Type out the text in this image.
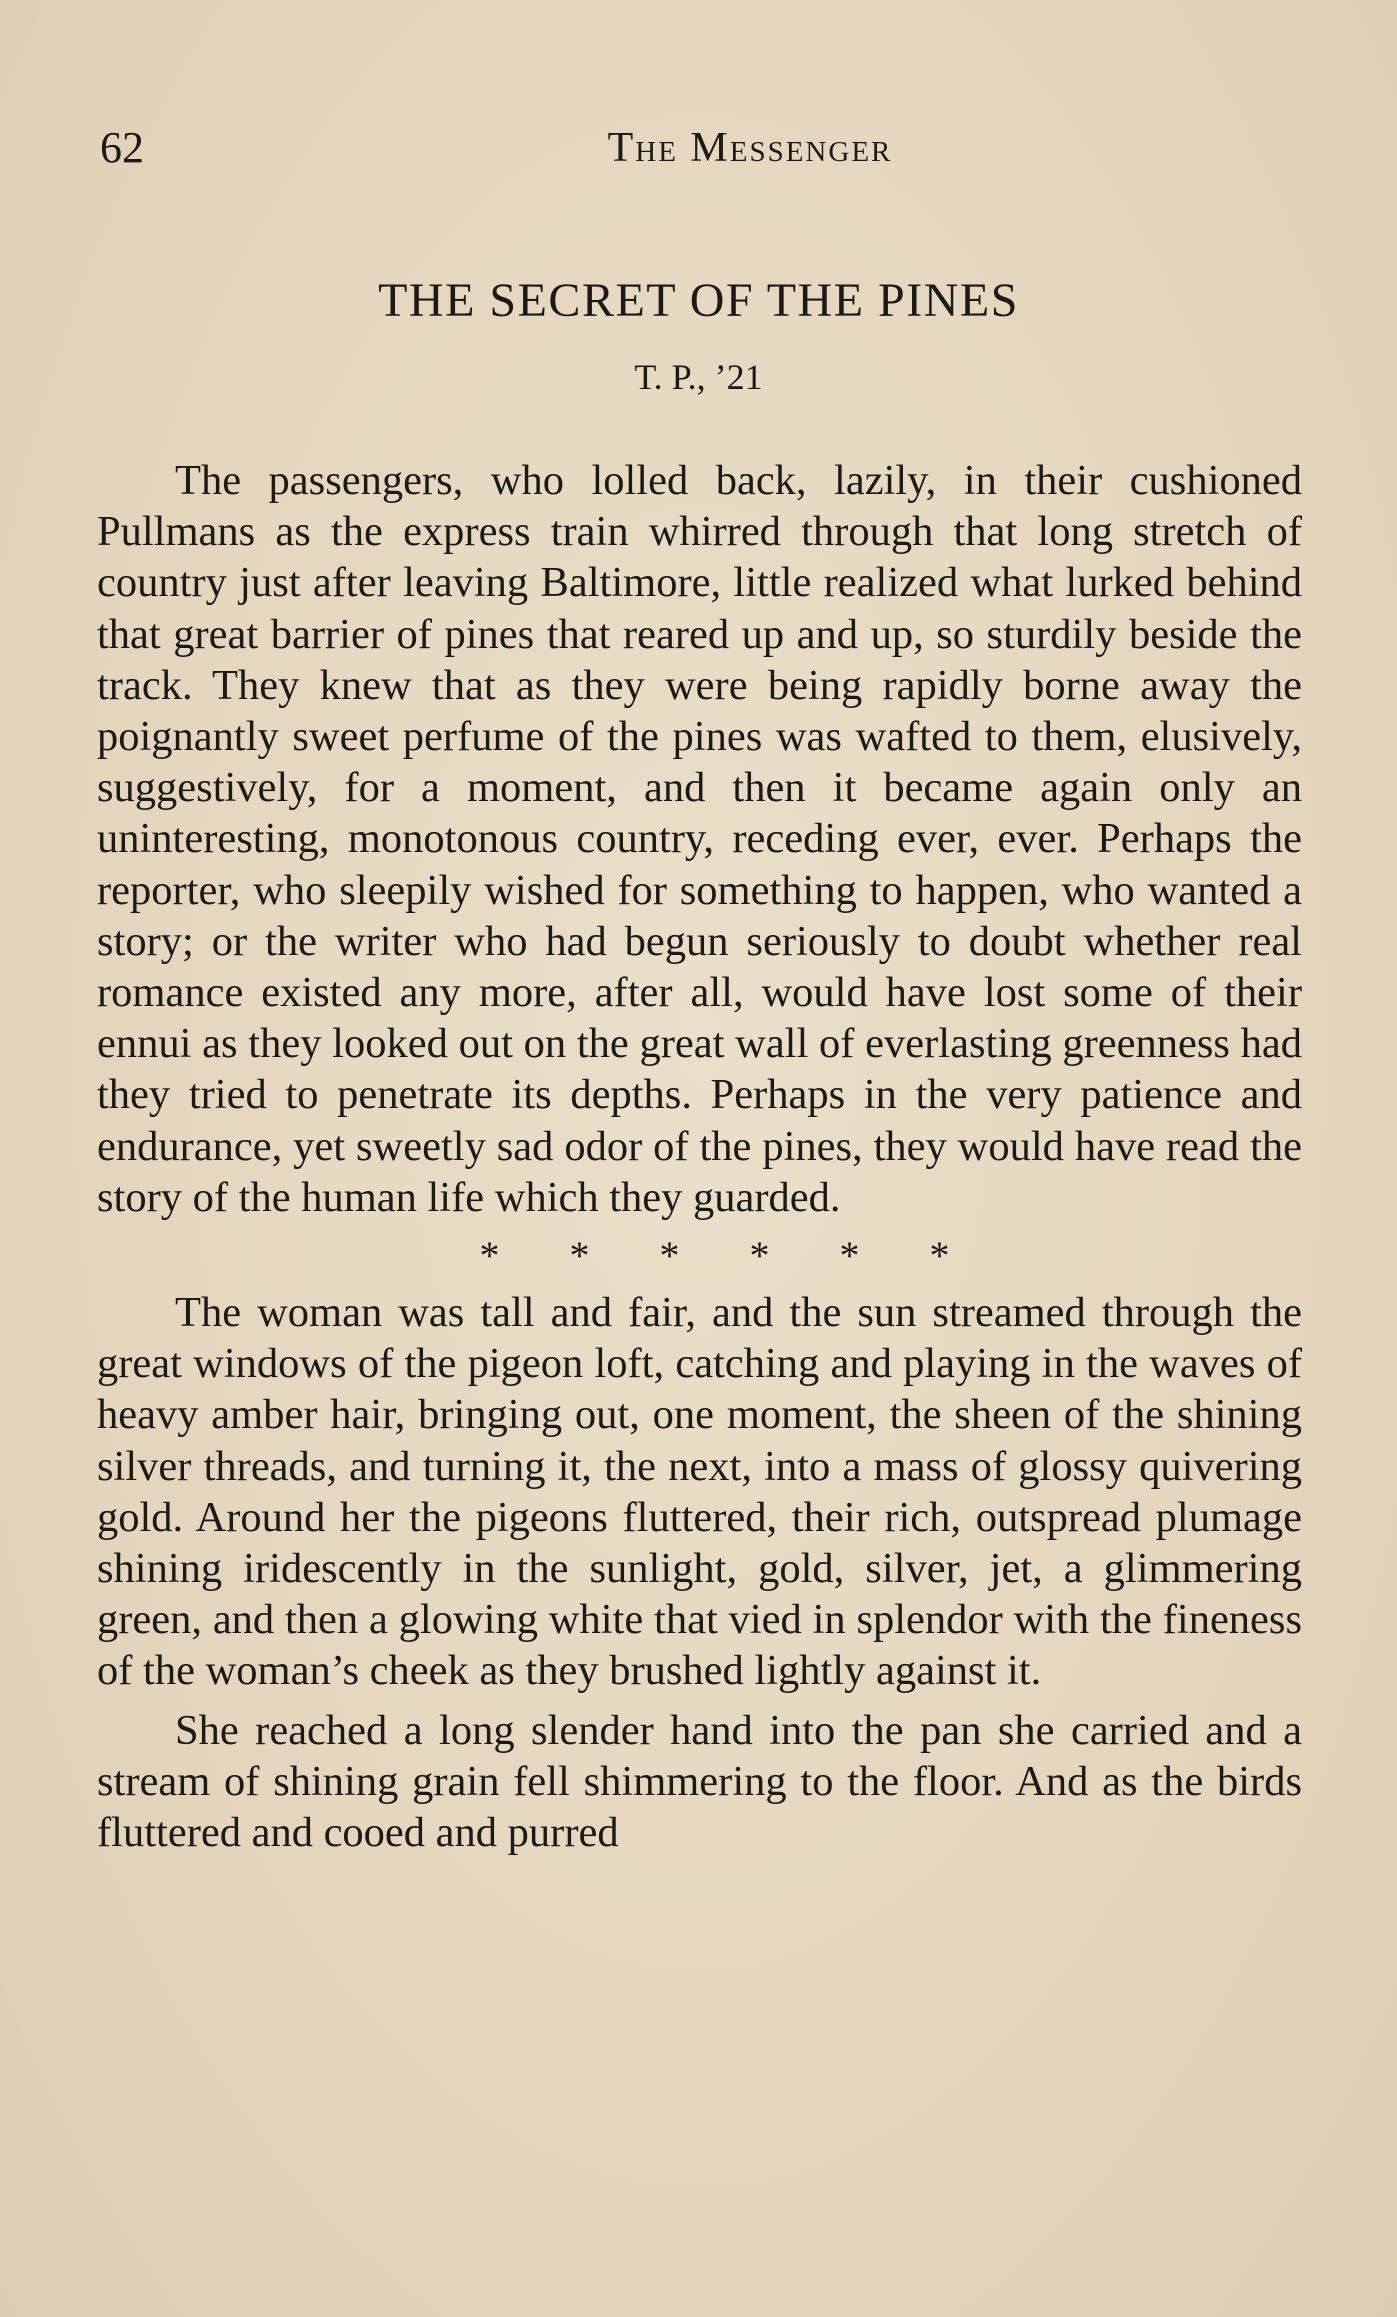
62	The Messenger
THE SECRET OF THE PINES
T. P., ’21

The passengers, who lolled back, lazily, in their cushioned Pullmans as the express train whirred through that long stretch of country just after leaving Baltimore, little realized what lurked behind that great barrier of pines that reared up and up, so sturdily beside the track. They knew that as they were being rapidly borne away the poignantly sweet perfume of the pines was wafted to them, elusively, suggestively, for a moment, and then it became again only an uninteresting, monotonous country, receding ever, ever. Perhaps the reporter, who sleepily wished for something to happen, who wanted a story; or the writer who had begun seriously to doubt whether real romance existed any more, after all, would have lost some of their ennui as they looked out on the great wall of everlasting greenness had they tried to penetrate its depths. Perhaps in the very patience and endurance, yet sweetly sad odor of the pines, they would have read the story of the human life which they guarded.

* * * * * *

The woman was tall and fair, and the sun streamed through the great windows of the pigeon loft, catching and playing in the waves of heavy amber hair, bringing out, one moment, the sheen of the shining silver threads, and turning it, the next, into a mass of glossy quivering gold. Around her the pigeons fluttered, their rich, outspread plumage shining iridescently in the sunlight, gold, silver, jet, a glimmering green, and then a glowing white that vied in splendor with the fineness of the woman’s cheek as they brushed lightly against it.

She reached a long slender hand into the pan she carried and a stream of shining grain fell shimmering to the floor. And as the birds fluttered and cooed and purred
